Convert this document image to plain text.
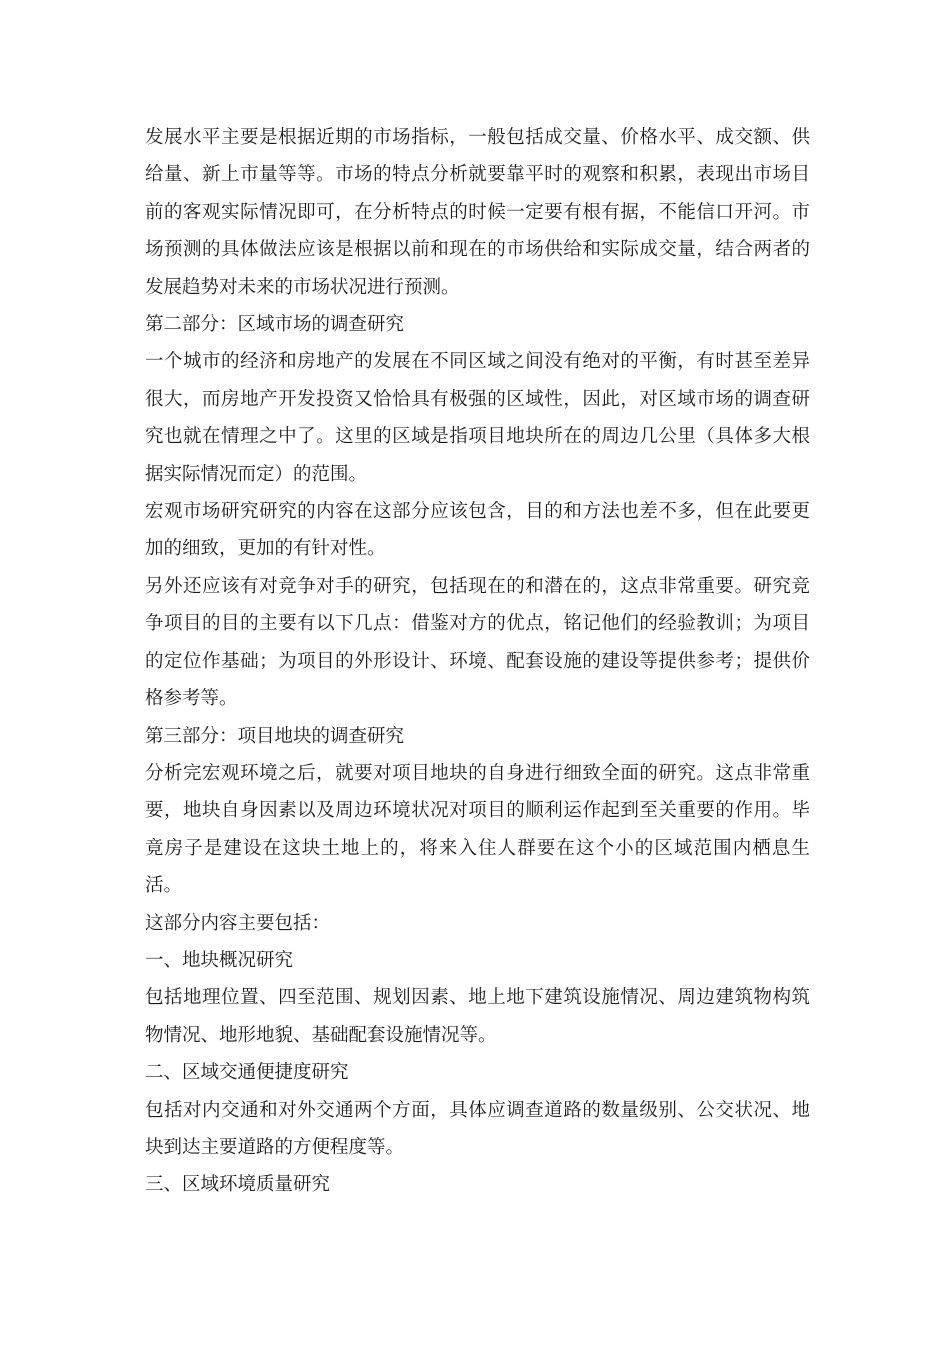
发展水平主要是根据近期的市场指标，一般包括成交量、价格水平、成交额、供给量、新上市量等等。市场的特点分析就要靠平时的观察和积累，表现出市场目前的客观实际情况即可，在分析特点的时候一定要有根有据，不能信口开河。市场预测的具体做法应该是根据以前和现在的市场供给和实际成交量，结合两者的发展趋势对未来的市场状况进行预测。

第二部分：区域市场的调查研究

一个城市的经济和房地产的发展在不同区域之间没有绝对的平衡，有时甚至差异很大，而房地产开发投资又恰恰具有极强的区域性，因此，对区域市场的调查研究也就在情理之中了。这里的区域是指项目地块所在的周边几公里（具体多大根据实际情况而定）的范围。

宏观市场研究研究的内容在这部分应该包含，目的和方法也差不多，但在此要更加的细致，更加的有针对性。

另外还应该有对竞争对手的研究，包括现在的和潜在的，这点非常重要。研究竞争项目的目的主要有以下几点：借鉴对方的优点，铭记他们的经验教训；为项目的定位作基础；为项目的外形设计、环境、配套设施的建设等提供参考；提供价格参考等。

第三部分：项目地块的调查研究

分析完宏观环境之后，就要对项目地块的自身进行细致全面的研究。这点非常重要，地块自身因素以及周边环境状况对项目的顺利运作起到至关重要的作用。毕竟房子是建设在这块土地上的，将来入住人群要在这个小的区域范围内栖息生活。

这部分内容主要包括：

一、地块概况研究

包括地理位置、四至范围、规划因素、地上地下建筑设施情况、周边建筑物构筑物情况、地形地貌、基础配套设施情况等。

二、区域交通便捷度研究

包括对内交通和对外交通两个方面，具体应调查道路的数量级别、公交状况、地块到达主要道路的方便程度等。

三、区域环境质量研究
